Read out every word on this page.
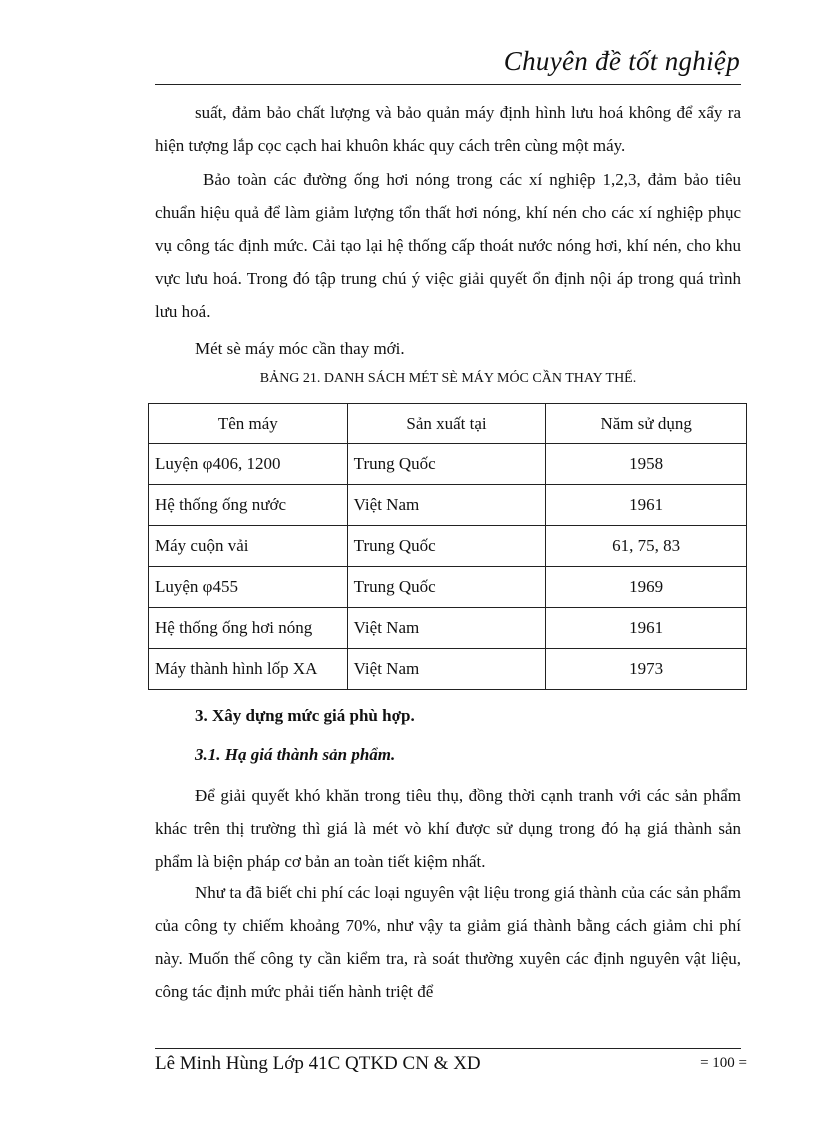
Chuyên đề tốt nghiệp

suất, đảm bảo chất lượng và bảo quản máy định hình lưu hoá không để xẩy ra hiện tượng lắp cọc cạch hai khuôn khác quy cách trên cùng một máy.

Bảo toàn các đường ống hơi nóng trong các xí nghiệp 1,2,3, đảm bảo tiêu chuẩn hiệu quả để làm giảm lượng tổn thất hơi nóng, khí nén cho các xí nghiệp phục vụ công tác định mức. Cải tạo lại hệ thống cấp thoát nước nóng hơi, khí nén, cho khu vực lưu hoá. Trong đó tập trung chú ý việc giải quyết ổn định nội áp trong quá trình lưu hoá.

Mét sè máy móc cần thay mới.

BẢNG 21. DANH SÁCH MÉT SÈ MÁY MÓC CẦN THAY THẾ.
Tên máy	Sản xuất tại	Năm sử dụng
Luyện φ406, 1200	Trung Quốc	1958
Hệ thống ống nước	Việt Nam	1961
Máy cuộn vải	Trung Quốc	61, 75, 83
Luyện φ455	Trung Quốc	1969
Hệ thống ống hơi nóng	Việt Nam	1961
Máy thành hình lốp XA	Việt Nam	1973
3. Xây dựng mức giá phù hợp.
3.1. Hạ giá thành sản phẩm.

Để giải quyết khó khăn trong tiêu thụ, đồng thời cạnh tranh với các sản phẩm khác trên thị trường thì giá là mét vò khí được sử dụng trong đó hạ giá thành sản phẩm là biện pháp cơ bản an toàn tiết kiệm nhất.

Như ta đã biết chi phí các loại nguyên vật liệu trong giá thành của các sản phẩm của công ty chiếm khoảng 70%, như vậy ta giảm giá thành bằng cách giảm chi phí này. Muốn thế công ty cần kiểm tra, rà soát thường xuyên các định nguyên vật liệu, công tác định mức phải tiến hành triệt để

Lê Minh Hùng Lớp 41C QTKD CN & XD	= 100 =
